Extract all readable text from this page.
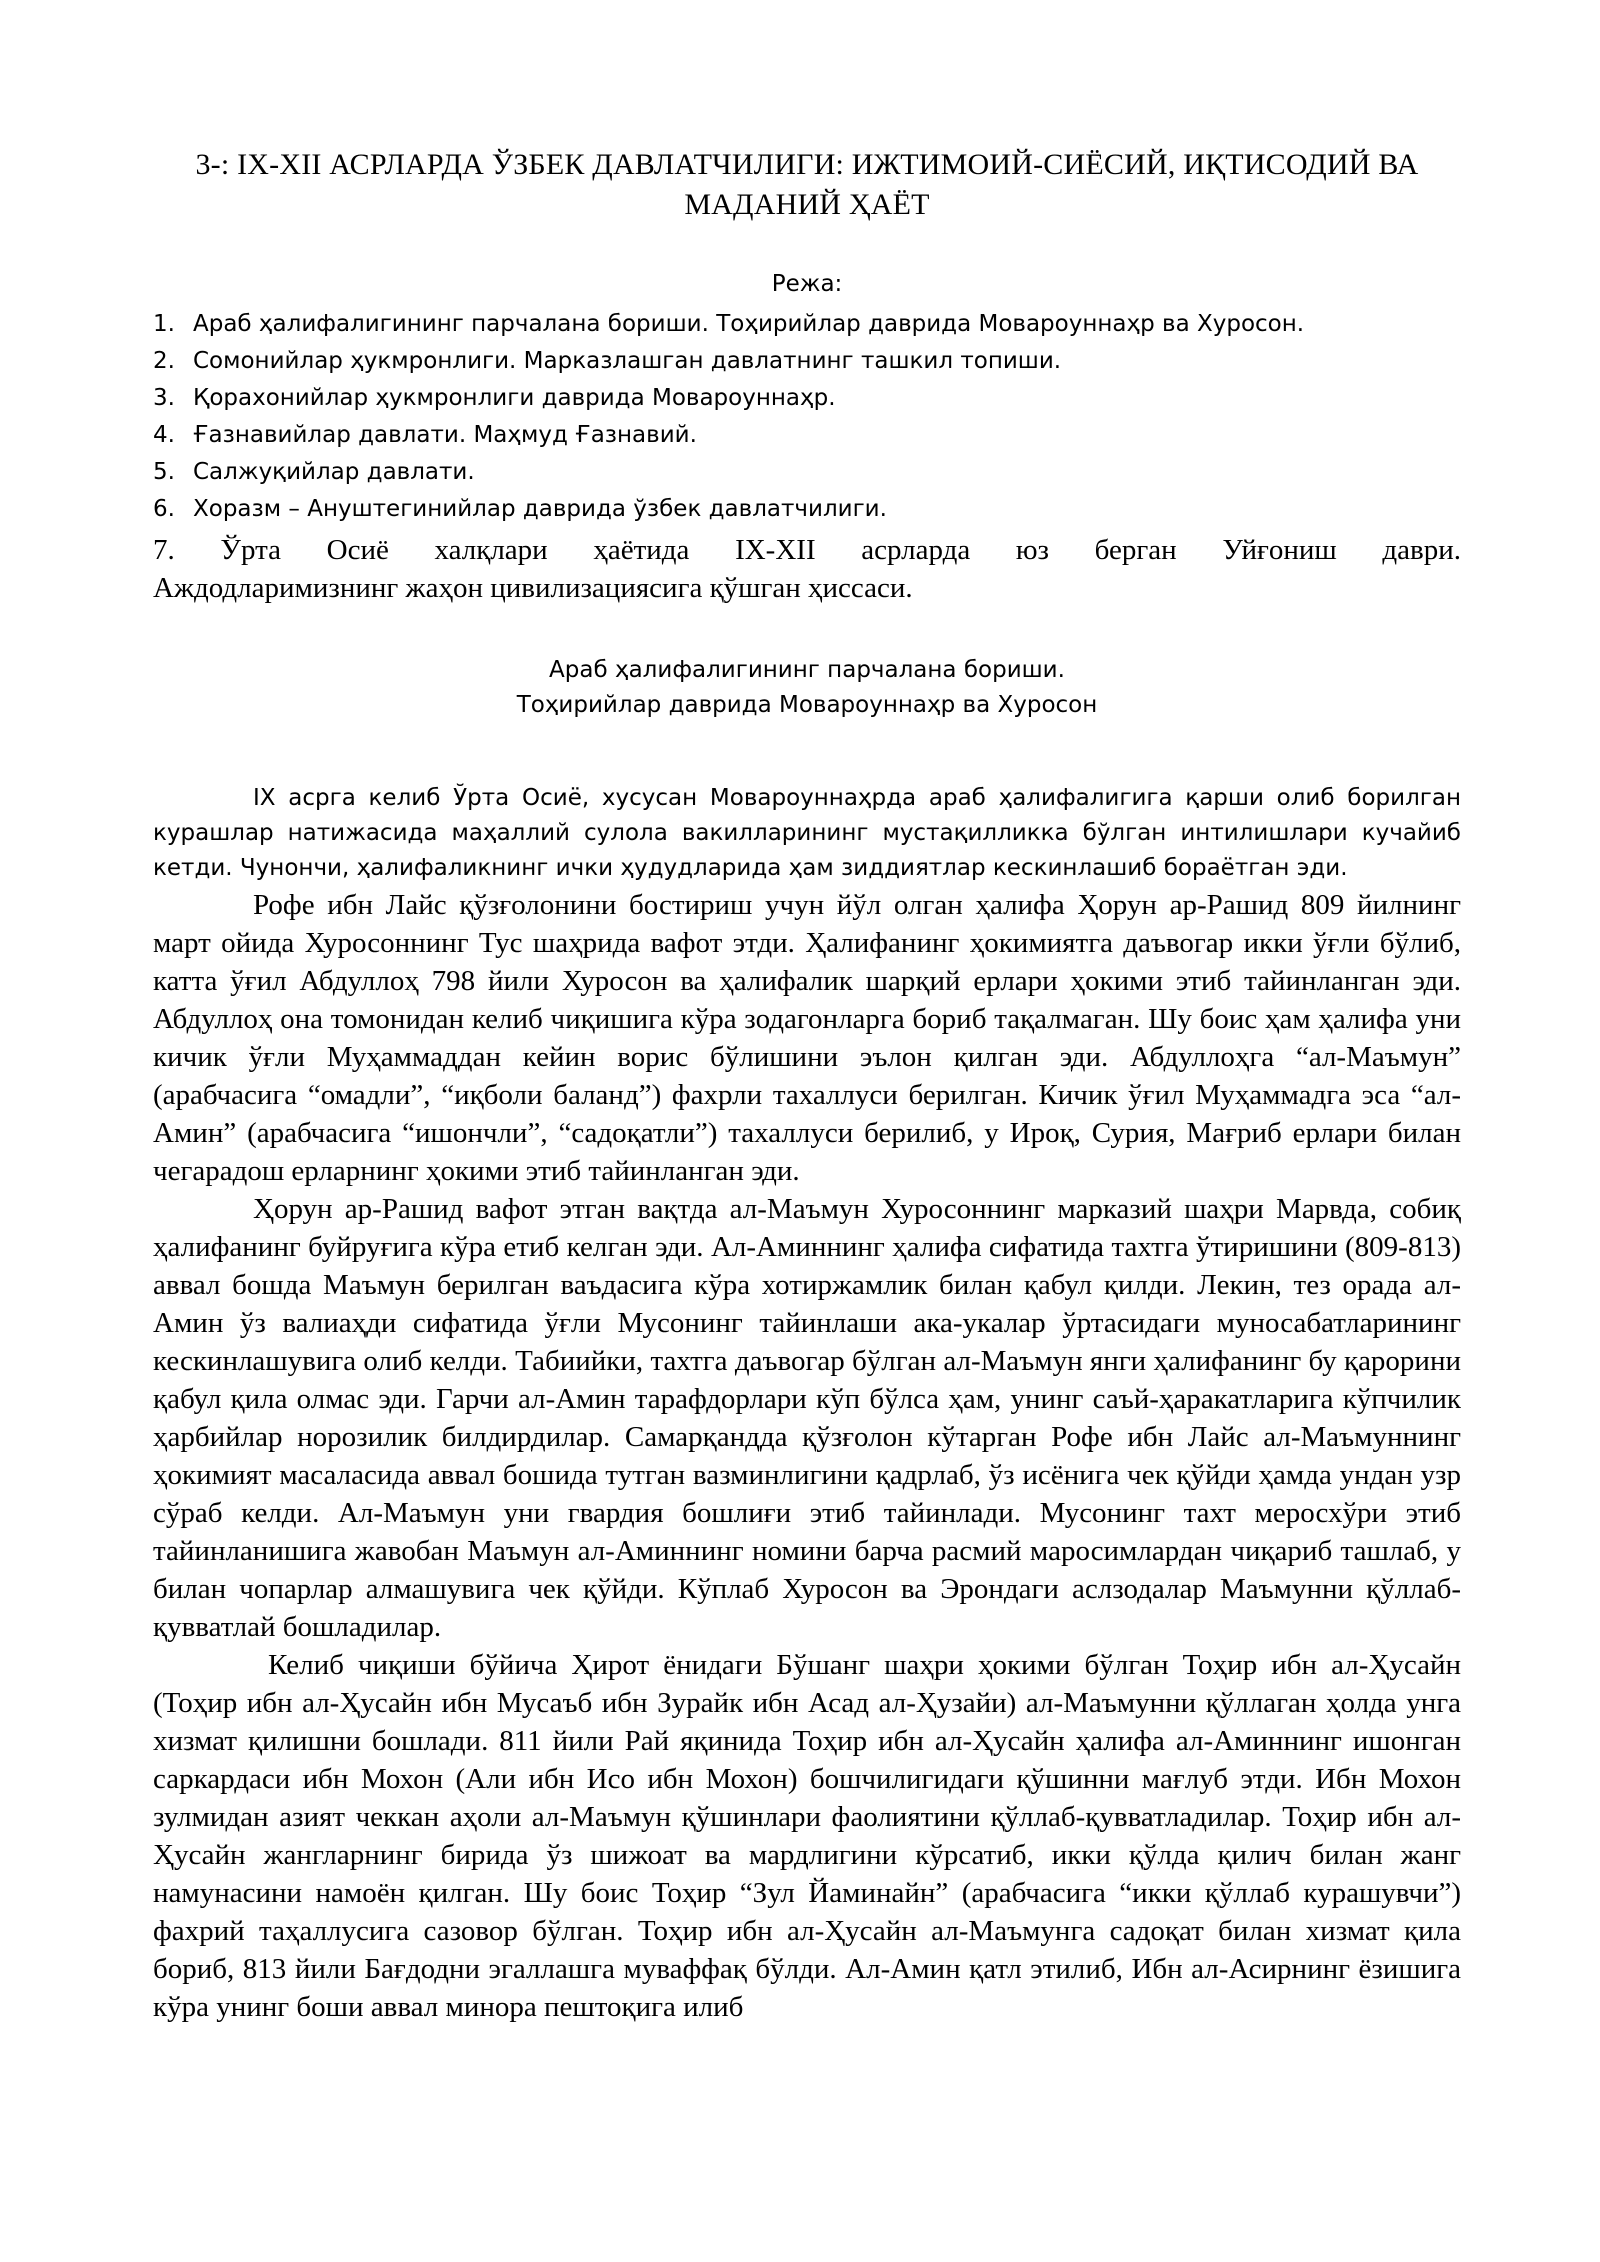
3-: IX-XII АСРЛАРДА ЎЗБЕК ДАВЛАТЧИЛИГИ: ИЖТИМОИЙ-СИЁСИЙ, ИҚТИСОДИЙ ВА МАДАНИЙ ҲАЁТ
Режа:
1. Араб ҳалифалигининг парчалана бориши. Тоҳирийлар даврида Мовароуннаҳр ва Хуросон.
2. Сомонийлар ҳукмронлиги. Марказлашган давлатнинг ташкил топиши.
3. Қорахонийлар ҳукмронлиги даврида Мовароуннаҳр.
4. Ғазнавийлар давлати. Маҳмуд Ғазнавий.
5. Салжуқийлар давлати.
6. Хоразм – Ануштегинийлар даврида ўзбек давлатчилиги.
7. Ўрта Осиё халқлари ҳаётида IX-XII асрларда юз берган Уйғониш даври.

Аждодларимизнинг жаҳон цивилизациясига қўшган ҳиссаси.

Араб ҳалифалигининг парчалана бориши.
Тоҳирийлар даврида Мовароуннаҳр ва Хуросон

IX асрга келиб Ўрта Осиё, хусусан Мовароуннаҳрда араб ҳалифалигига қарши олиб борилган курашлар натижасида маҳаллий сулола вакилларининг мустақилликка бўлган интилишлари кучайиб кетди. Чунончи, ҳалифаликнинг ички ҳудудларида ҳам зиддиятлар кескинлашиб бораётган эди.

Рофе ибн Лайс қўзғолонини бостириш учун йўл олган ҳалифа Ҳорун ар-Рашид 809 йилнинг март ойида Хуросоннинг Тус шаҳрида вафот этди. Ҳалифанинг ҳокимиятга даъвогар икки ўғли бўлиб, катта ўғил Абдуллоҳ 798 йили Хуросон ва ҳалифалик шарқий ерлари ҳокими этиб тайинланган эди. Абдуллоҳ она томонидан келиб чиқишига кўра зодагонларга бориб тақалмаган. Шу боис ҳам ҳалифа уни кичик ўғли Муҳаммаддан кейин ворис бўлишини эълон қилган эди. Абдуллоҳга “ал-Маъмун” (арабчасига “омадли”, “иқболи баланд”) фахрли тахаллуси берилган. Кичик ўғил Муҳаммадга эса “ал-Амин” (арабчасига “ишончли”, “садоқатли”) тахаллуси берилиб, у Ироқ, Сурия, Мағриб ерлари билан чегарадош ерларнинг ҳокими этиб тайинланган эди.

Ҳорун ар-Рашид вафот этган вақтда ал-Маъмун Хуросоннинг марказий шаҳри Марвда, собиқ ҳалифанинг буйруғига кўра етиб келган эди. Ал-Аминнинг ҳалифа сифатида тахтга ўтиришини (809-813) аввал бошда Маъмун берилган ваъдасига кўра хотиржамлик билан қабул қилди. Лекин, тез орада ал-Амин ўз валиаҳди сифатида ўғли Мусонинг тайинлаши ака-укалар ўртасидаги муносабатларининг кескинлашувига олиб келди. Табиийки, тахтга даъвогар бўлган ал-Маъмун янги ҳалифанинг бу қарорини қабул қила олмас эди. Гарчи ал-Амин тарафдорлари кўп бўлса ҳам, унинг саъй-ҳаракатларига кўпчилик ҳарбийлар норозилик билдирдилар. Самарқандда қўзғолон кўтарган Рофе ибн Лайс ал-Маъмуннинг ҳокимият масаласида аввал бошида тутган вазминлигини қадрлаб, ўз исёнига чек қўйди ҳамда ундан узр сўраб келди. Ал-Маъмун уни гвардия бошлиғи этиб тайинлади. Мусонинг тахт меросхўри этиб тайинланишига жавобан Маъмун ал-Аминнинг номини барча расмий маросимлардан чиқариб ташлаб, у билан чопарлар алмашувига чек қўйди. Кўплаб Хуросон ва Эрондаги аслзодалар Маъмунни қўллаб-қувватлай бошладилар.

Келиб чиқиши бўйича Ҳирот ёнидаги Бўшанг шаҳри ҳокими бўлган Тоҳир ибн ал-Ҳусайн (Тоҳир ибн ал-Ҳусайн ибн Мусаъб ибн Зурайк ибн Асад ал-Ҳузайи) ал-Маъмунни қўллаган ҳолда унга хизмат қилишни бошлади. 811 йили Рай яқинида Тоҳир ибн ал-Ҳусайн ҳалифа ал-Аминнинг ишонган саркардаси ибн Мохон (Али ибн Исо ибн Мохон) бошчилигидаги қўшинни мағлуб этди. Ибн Мохон зулмидан азият чеккан аҳоли ал-Маъмун қўшинлари фаолиятини қўллаб-қувватладилар. Тоҳир ибн ал-Ҳусайн жангларнинг бирида ўз шижоат ва мардлигини кўрсатиб, икки қўлда қилич билан жанг намунасини намоён қилган. Шу боис Тоҳир “Зул Йаминайн” (арабчасига “икки қўллаб курашувчи”) фахрий таҳаллусига сазовор бўлган. Тоҳир ибн ал-Ҳусайн ал-Маъмунга садоқат билан хизмат қила бориб, 813 йили Бағдодни эгаллашга муваффақ бўлди. Ал-Амин қатл этилиб, Ибн ал-Асирнинг ёзишига кўра унинг боши аввал минора пештоқига илиб
